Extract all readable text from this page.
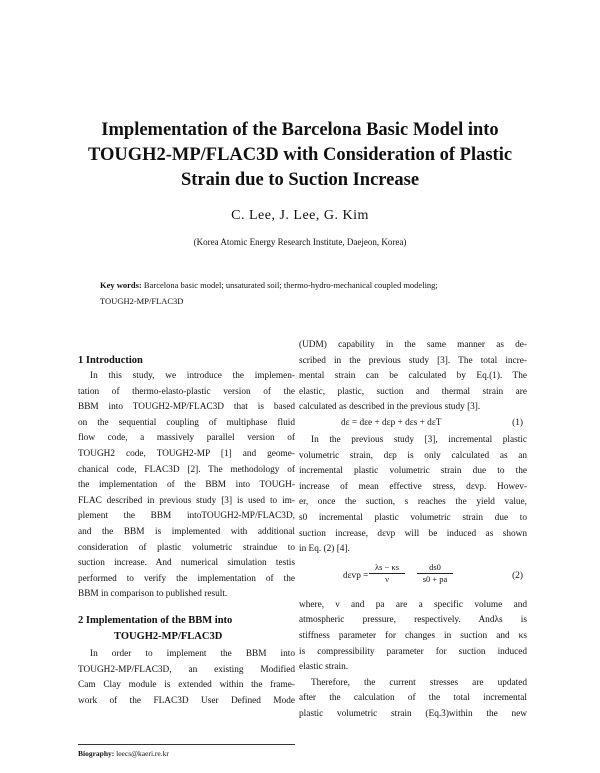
Implementation of the Barcelona Basic Model into
TOUGH2-MP/FLAC3D with Consideration of Plastic
Strain due to Suction Increase
C. Lee, J. Lee, G. Kim
(Korea Atomic Energy Research Institute, Daejeon, Korea)
Key words: Barcelona basic model; unsaturated soil; thermo-hydro-mechanical coupled modeling;
TOUGH2-MP/FLAC3D
1 Introduction
In this study, we introduce the implemen-
tation of thermo-elasto-plastic version of the
BBM into TOUGH2-MP/FLAC3D that is based
on the sequential coupling of multiphase fluid
flow code, a massively parallel version of
TOUGH2 code, TOUGH2-MP [1] and geome-
chanical code, FLAC3D [2]. The methodology of
the implementation of the BBM into TOUGH-
FLAC described in previous study [3] is used to im-
plement the BBM intoTOUGH2-MP/FLAC3D,
and the BBM is implemented with additional
consideration of plastic volumetric straindue to
suction increase. And numerical simulation testis
performed to verify the implementation of the
BBM in comparison to published result.
2 Implementation of the BBM into
TOUGH2-MP/FLAC3D
In order to implement the BBM into
TOUGH2-MP/FLAC3D, an existing Modified
Cam Clay module is extended within the frame-
work of the FLAC3D User Defined Mode
(UDM) capability in the same manner as de-
scribed in the previous study [3]. The total incre-
mental strain can be calculated by Eq.(1). The
elastic, plastic, suction and thermal strain are
calculated as described in the previous study [3].
dε = dεe + dεp + dεs + dεT	(1)
In the previous study [3], incremental plastic
volumetric strain, dεp is only calculated as an
incremental plastic volumetric strain due to the
increase of mean effective stress, dεvp. Howev-
er, once the suction, s reaches the yield value,
s0 incremental plastic volumetric strain due to
suction increase, dεvp will be induced as shown
in Eq. (2) [4].
$d\varepsilon vp = \frac{\lambda s - \kappa s}{\nu} \frac{ds0}{s0 + pa}$	(2)
where, ν and pa are a specific volume and
atmospheric pressure, respectively. Andλs is
stiffness parameter for changes in suction and κs
is compressibility parameter for suction induced
elastic strain.
Therefore, the current stresses are updated
after the calculation of the total incremental
plastic volumetric strain (Eq.3)within the new
Biography: leecs@kaeri.re.kr
